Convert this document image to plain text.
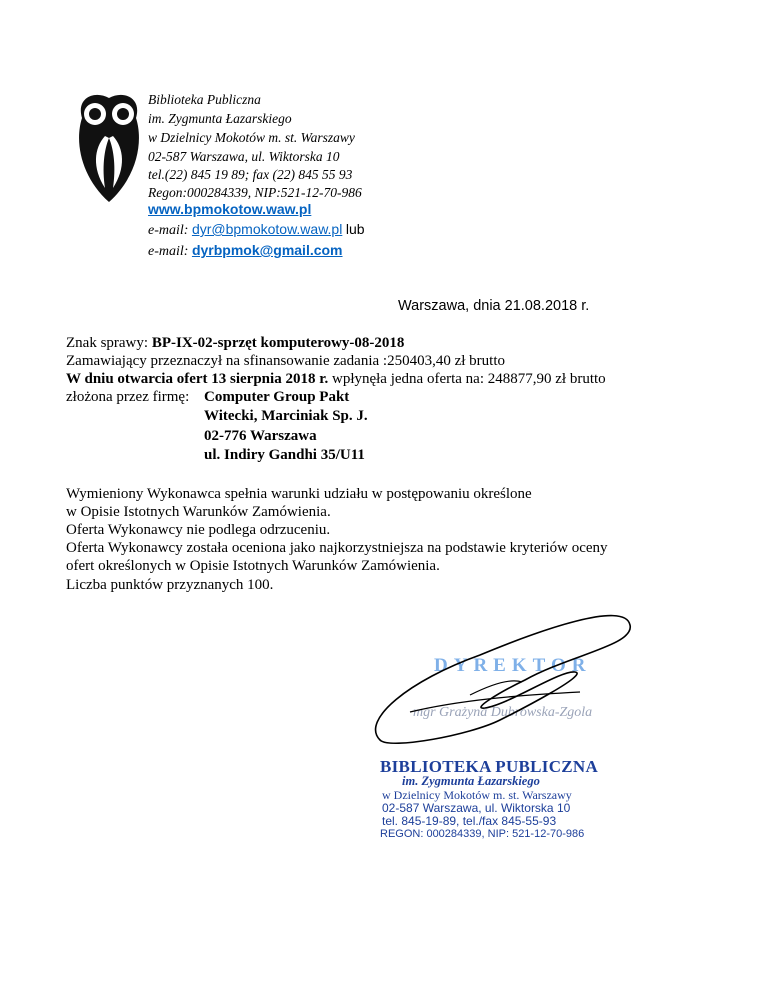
Biblioteka Publiczna
im. Zygmunta Łazarskiego
w Dzielnicy Mokotów m. st. Warszawy
02-587 Warszawa, ul. Wiktorska 10
tel.(22) 845 19 89; fax (22) 845 55 93
Regon:000284339, NIP:521-12-70-986
www.bpmokotow.waw.pl
e-mail: dyr@bpmokotow.waw.pl lub
e-mail: dyrbpmok@gmail.com
Warszawa, dnia 21.08.2018 r.
Znak sprawy: BP-IX-02-sprzęt komputerowy-08-2018
Zamawiający przeznaczył na sfinansowanie zadania :250403,40 zł brutto
W dniu otwarcia ofert 13 sierpnia 2018 r. wpłynęła jedna oferta na: 248877,90 zł brutto
złożona przez firmę: Computer Group Pakt
Witecki, Marciniak Sp. J.
02-776 Warszawa
ul. Indiry Gandhi 35/U11
Wymieniony Wykonawca spełnia warunki udziału w postępowaniu określone
w Opisie Istotnych Warunków Zamówienia.
Oferta Wykonawcy nie podlega odrzuceniu.
Oferta Wykonawcy została oceniona jako najkorzystniejsza na podstawie kryteriów oceny
ofert określonych w Opisie Istotnych Warunków Zamówienia.
Liczba punktów przyznanych 100.
DYREKTOR
mgr Grażyna Dubrowska-Zgola
BIBLIOTEKA PUBLICZNA
im. Zygmunta Łazarskiego
w Dzielnicy Mokotów m. st. Warszawy
02-587 Warszawa, ul. Wiktorska 10
tel. 845-19-89, tel./fax 845-55-93
REGON: 000284339, NIP: 521-12-70-986
